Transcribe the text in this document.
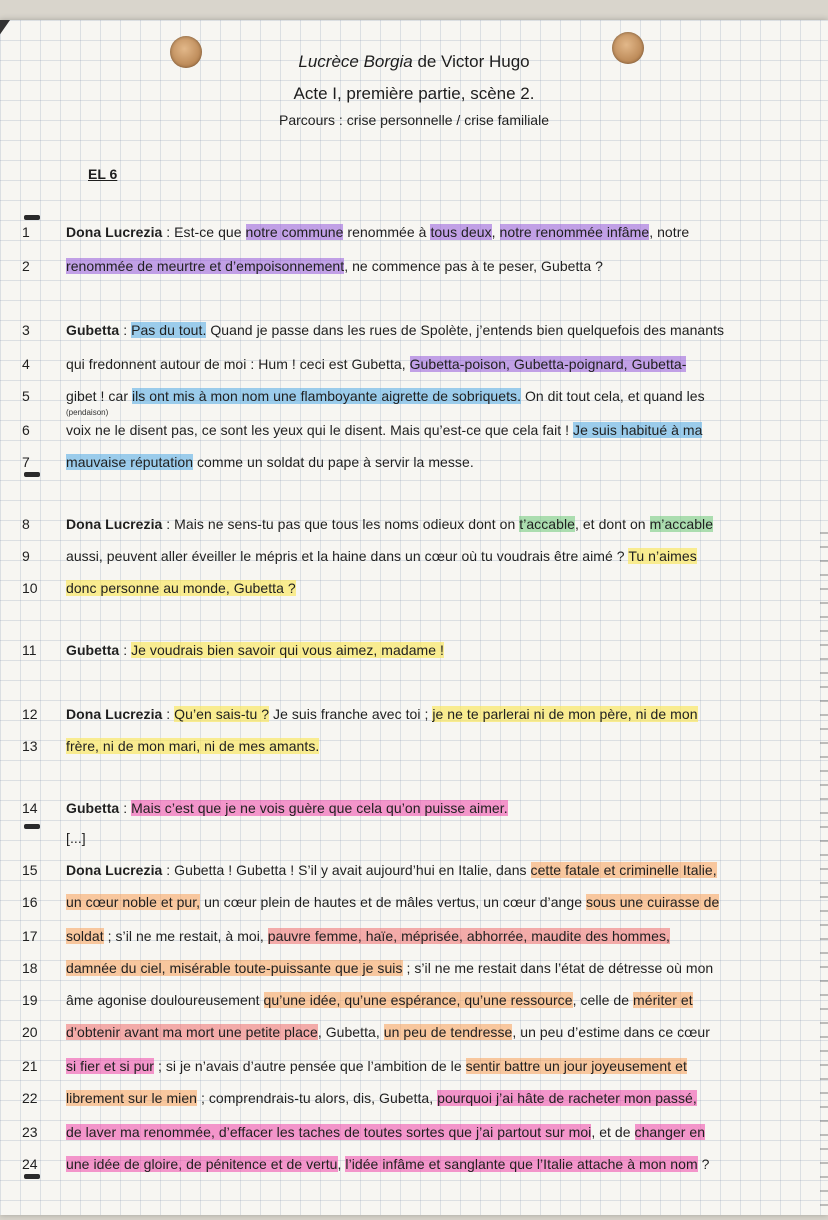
Lucrèce Borgia de Victor Hugo
Acte I, première partie, scène 2.
Parcours : crise personnelle / crise familiale
EL 6
(pendaison)
1	Dona Lucrezia : Est-ce que notre commune renommée à tous deux, notre renommée infâme, notre
2	renommée de meurtre et d’empoisonnement, ne commence pas à te peser, Gubetta ?
3	Gubetta : Pas du tout. Quand je passe dans les rues de Spolète, j’entends bien quelquefois des manants
4	qui fredonnent autour de moi : Hum ! ceci est Gubetta, Gubetta-poison, Gubetta-poignard, Gubetta-
5	gibet ! car ils ont mis à mon nom une flamboyante aigrette de sobriquets. On dit tout cela, et quand les
6	voix ne le disent pas, ce sont les yeux qui le disent. Mais qu’est-ce que cela fait ! Je suis habitué à ma
7	mauvaise réputation comme un soldat du pape à servir la messe.
8	Dona Lucrezia : Mais ne sens-tu pas que tous les noms odieux dont on t’accable, et dont on m’accable
9	aussi, peuvent aller éveiller le mépris et la haine dans un cœur où tu voudrais être aimé ? Tu n’aimes
10	donc personne au monde, Gubetta ?
11	Gubetta : Je voudrais bien savoir qui vous aimez, madame !
12	Dona Lucrezia : Qu’en sais-tu ? Je suis franche avec toi ; je ne te parlerai ni de mon père, ni de mon
13	frère, ni de mon mari, ni de mes amants.
14	Gubetta : Mais c’est que je ne vois guère que cela qu’on puisse aimer.
[...]
15	Dona Lucrezia : Gubetta ! Gubetta ! S’il y avait aujourd’hui en Italie, dans cette fatale et criminelle Italie,
16	un cœur noble et pur, un cœur plein de hautes et de mâles vertus, un cœur d’ange sous une cuirasse de
17	soldat ; s’il ne me restait, à moi, pauvre femme, haïe, méprisée, abhorrée, maudite des hommes,
18	damnée du ciel, misérable toute-puissante que je suis ; s’il ne me restait dans l’état de détresse où mon
19	âme agonise douloureusement qu’une idée, qu’une espérance, qu’une ressource, celle de mériter et
20	d’obtenir avant ma mort une petite place, Gubetta, un peu de tendresse, un peu d’estime dans ce cœur
21	si fier et si pur ; si je n’avais d’autre pensée que l’ambition de le sentir battre un jour joyeusement et
22	librement sur le mien ; comprendrais-tu alors, dis, Gubetta, pourquoi j’ai hâte de racheter mon passé,
23	de laver ma renommée, d’effacer les taches de toutes sortes que j’ai partout sur moi, et de changer en
24	une idée de gloire, de pénitence et de vertu, l’idée infâme et sanglante que l’Italie attache à mon nom ?
